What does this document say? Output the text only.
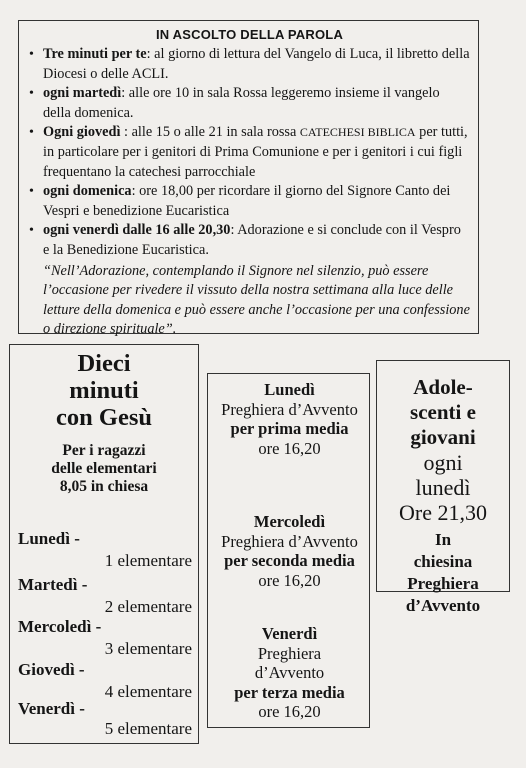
IN ASCOLTO DELLA PAROLA
• Tre minuti per te: al giorno di lettura del Vangelo di Luca, il libretto della Diocesi o delle ACLI.
• ogni martedì: alle ore 10 in sala Rossa leggeremo insieme il vangelo della domenica.
• Ogni giovedì : alle 15 o alle 21 in sala rossa CATECHESI BIBLICA per tutti, in particolare per i genitori di Prima Comunione e per i genitori i cui figli frequentano la catechesi parrocchiale
• ogni domenica: ore 18,00 per ricordare il giorno del Signore Canto dei Vespri e benedizione Eucaristica
• ogni venerdì dalle 16 alle 20,30: Adorazione e si conclude con il Vespro e la Benedizione Eucaristica.
“Nell’Adorazione, contemplando il Signore nel silenzio, può essere l’occasione per rivedere il vissuto della nostra settimana alla luce delle letture della domenica e può essere anche l’occasione per una confessione o direzione spirituale”.
Dieci
minuti
con Gesù
Per i ragazzi
delle elementari
8,05 in chiesa
Lunedì -
1 elementare
Martedì -
2 elementare
Mercoledì -
3 elementare
Giovedì -
4 elementare
Venerdì -
5 elementare
Lunedì
Preghiera d’Avvento
per prima media
ore 16,20
Mercoledì
Preghiera d’Avvento
per seconda media
ore 16,20
Venerdì
Preghiera
d’Avvento
per terza media
ore 16,20
Adole-
scenti e
giovani
ogni
lunedì
Ore 21,30
In
chiesina
Preghiera
d’Avvento
